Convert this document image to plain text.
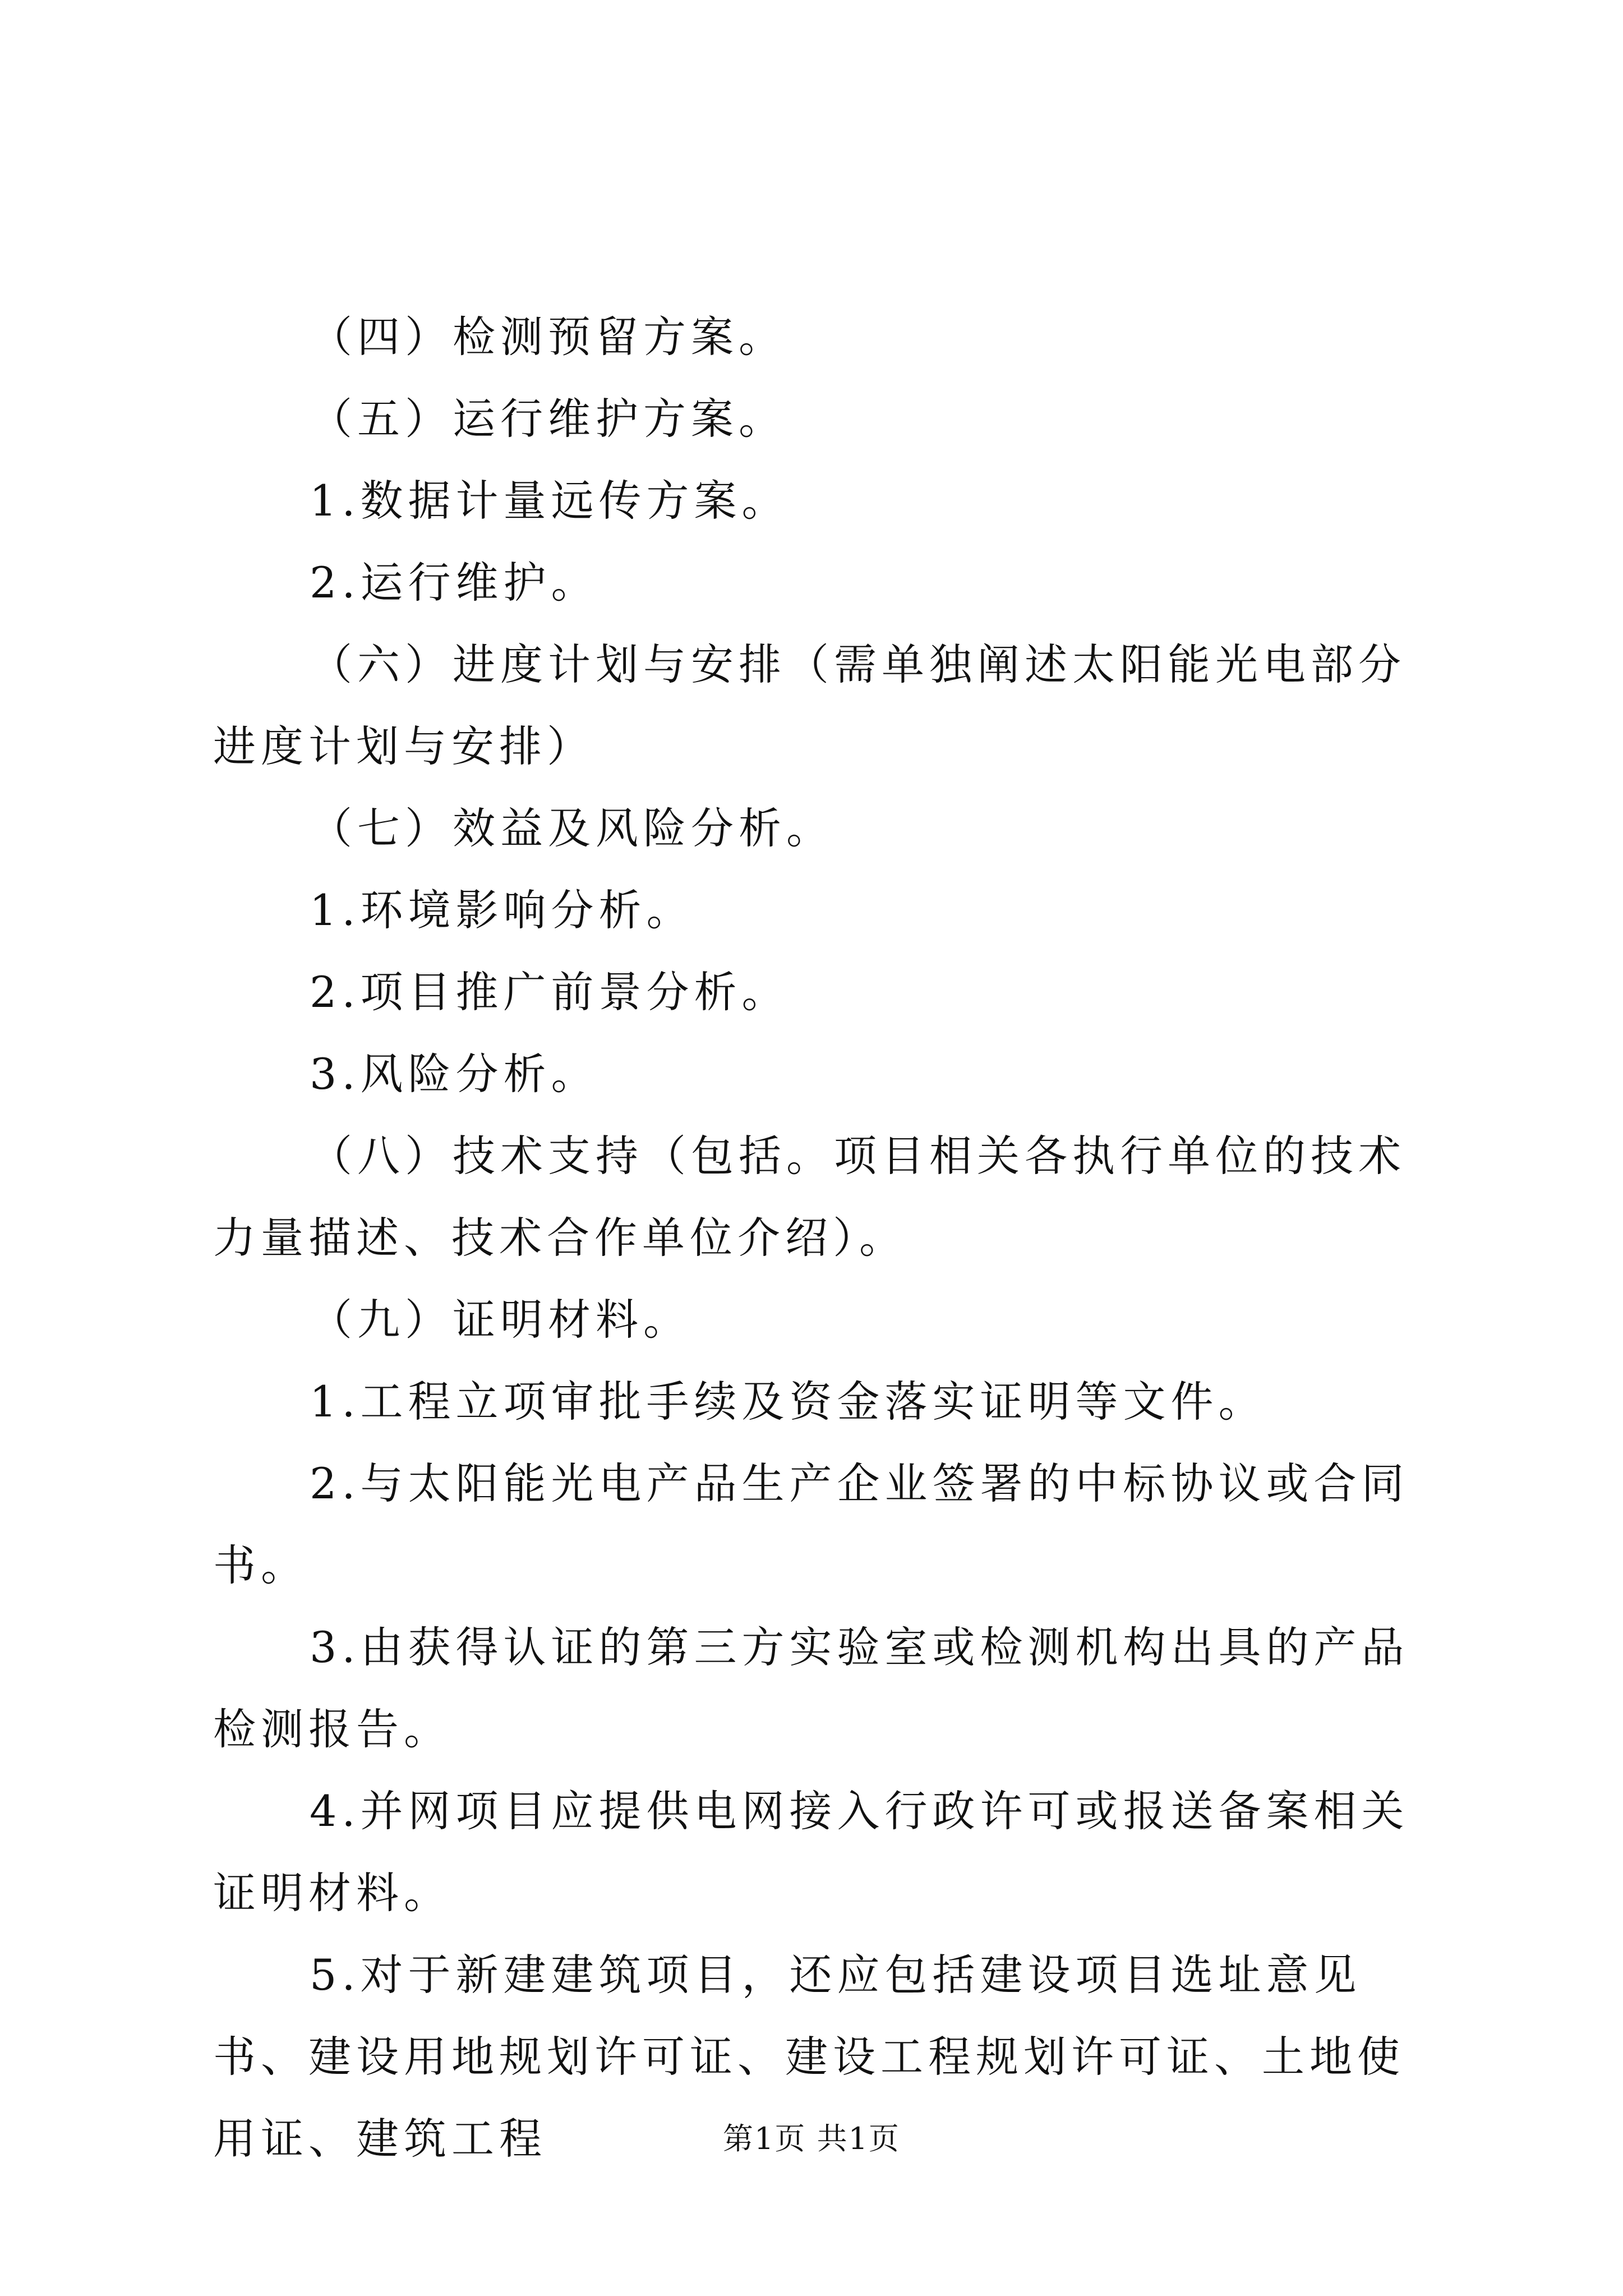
（四）检测预留方案。

（五）运行维护方案。

1.数据计量远传方案。

2.运行维护。

（六）进度计划与安排（需单独阐述太阳能光电部分进度计划与安排）

（七）效益及风险分析。

1.环境影响分析。

2.项目推广前景分析。

3.风险分析。

（八）技术支持（包括。项目相关各执行单位的技术力量描述、技术合作单位介绍）。

（九）证明材料。

1.工程立项审批手续及资金落实证明等文件。

2.与太阳能光电产品生产企业签署的中标协议或合同书。

3.由获得认证的第三方实验室或检测机构出具的产品检测报告。

4.并网项目应提供电网接入行政许可或报送备案相关证明材料。

5.对于新建建筑项目，还应包括建设项目选址意见书、建设用地规划许可证、建设工程规划许可证、土地使用证、建筑工程	第1页 共1页
